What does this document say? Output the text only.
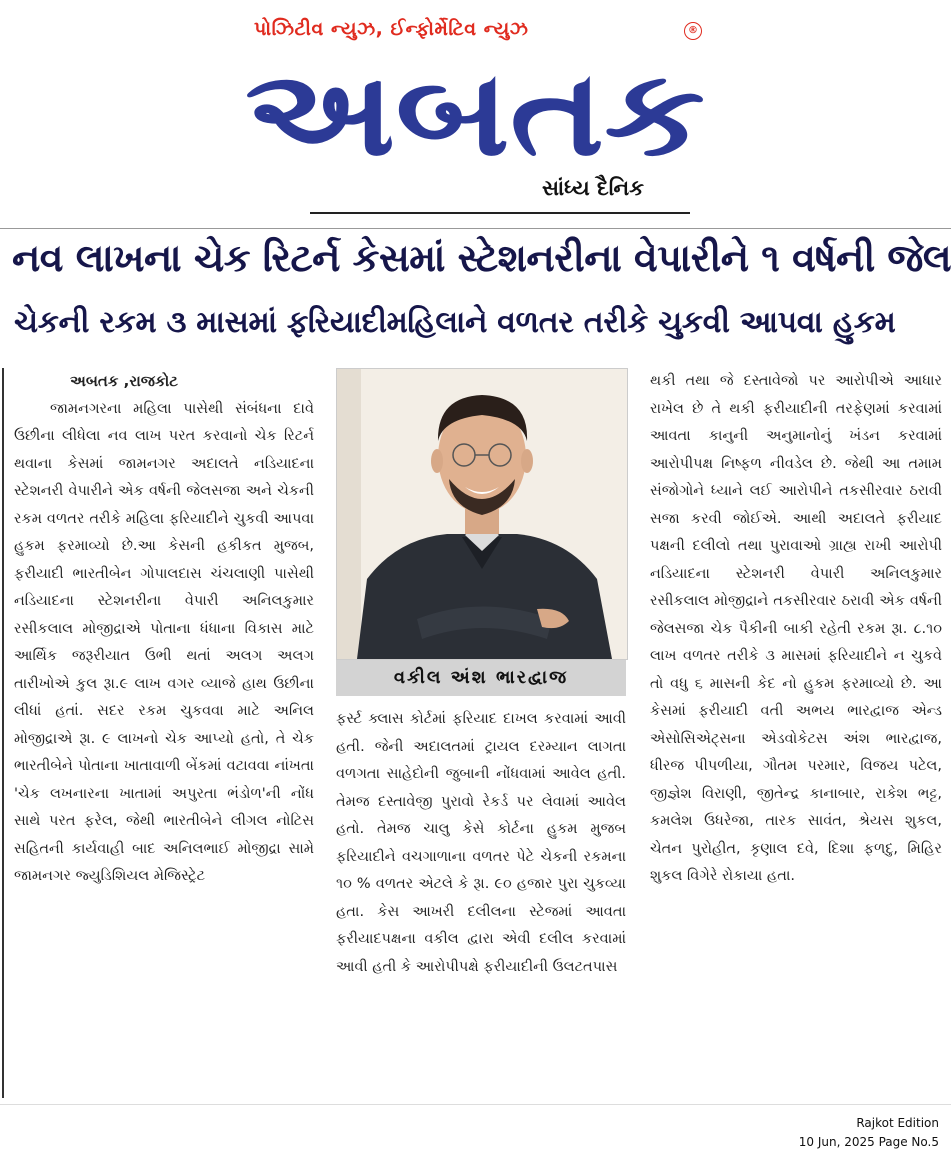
પોઝિટીવ ન્યુઝ, ઈન્ફોર્મેટિવ ન્યુઝ	®
અબતક
સાંધ્ય દૈનિક
નવ લાખના ચેક રિટર્ન કેસમાં સ્ટેશનરીના વેપારીને ૧ વર્ષની જેલ
ચેકની રકમ ૩ માસમાં ફરિયાદીમહિલાને વળતર તરીકે ચુકવી આપવા હુકમ
અબતક ,રાજકોટ
જામનગરના મહિલા પાસેથી સંબંધના દાવે ઉછીના લીધેલા નવ લાખ પરત કરવાનો ચેક રિટર્ન થવાના કેસમાં જામનગર અદાલતે નડિયાદના સ્ટેશનરી વેપારીને એક વર્ષની જેલસજા અને ચેકની રકમ વળતર તરીકે મહિલા ફરિયાદીને ચુકવી આપવા હુકમ ફરમાવ્યો છે.આ કેસની હકીકત મુજબ, ફરીયાદી ભારતીબેન ગોપાલદાસ ચંચલાણી પાસેથી નડિયાદના સ્ટેશનરીના વેપારી અનિલકુમાર રસીકલાલ મોજીદ્રાએ પોતાના ધંધાના વિકાસ માટે આર્થિક જરૂરીયાત ઉભી થતાં અલગ અલગ તારીખોએ કુલ રૂા.૯ લાખ વગર વ્યાજે હાથ ઉછીના લીધાં હતાં. સદર રકમ ચુકવવા માટે અનિલ મોજીદ્રાએ રૂા. ૯ લાખનો ચેક આપ્યો હતો, તે ચેક ભારતીબેને પોતાના ખાતાવાળી બેંકમાં વટાવવા નાંખતા 'ચેક લખનારના ખાતામાં અપુરતા ભંડોળ'ની નોંધ સાથે પરત ફરેલ, જેથી ભારતીબેને લીગલ નોટિસ સહિતની કાર્યવાહી બાદ અનિલભાઈ મોજીદ્રા સામે જામનગર જ્યુડિશિયલ મેજિસ્ટ્રેટ
વકીલ અંશ ભારદ્વાજ
ફર્સ્ટ ક્લાસ કોર્ટમાં ફરિયાદ દાખલ કરવામાં આવી હતી. જેની અદાલતમાં ટ્રાયલ દરમ્યાન લાગતા વળગતા સાહેદોની જુબાની નોંધવામાં આવેલ હતી. તેમજ દસ્તાવેજી પુરાવો રેકર્ડ પર લેવામાં આવેલ હતો. તેમજ ચાલુ કેસે કોર્ટના હુકમ મુજબ ફરિયાદીને વચગાળાના વળતર પેટે ચેકની રકમના ૧૦ % વળતર એટલે કે રૂા. ૯૦ હજાર પુરા ચુકવ્યા હતા. કેસ આખરી દલીલના સ્ટેજમાં આવતા ફરીયાદપક્ષના વકીલ દ્વારા એવી દલીલ કરવામાં આવી હતી કે આરોપીપક્ષે ફરીયાદીની ઉલટતપાસ
થકી તથા જે દસ્તાવેજો પર આરોપીએ આધાર રાખેલ છે તે થકી ફરીયાદીની તરફેણમાં કરવામાં આવતા કાનુની અનુમાનોનું ખંડન કરવામાં આરોપીપક્ષ નિષ્ફળ નીવડેલ છે. જેથી આ તમામ સંજોગોને ધ્યાને લઈ આરોપીને તકસીરવાર ઠરાવી સજા કરવી જોઈએ. આથી અદાલતે ફરીયાદ પક્ષની દલીલો તથા પુરાવાઓ ગ્રાહ્ય રાખી આરોપી નડિયાદના સ્ટેશનરી વેપારી અનિલકુમાર રસીકલાલ મોજીદ્રાને તકસીરવાર ઠરાવી એક વર્ષની જેલસજા ચેક પૈકીની બાકી રહેતી રકમ રૂા. ૮.૧૦ લાખ વળતર તરીકે ૩ માસમાં ફરિયાદીને ન ચુકવે તો વધુ ૬ માસની કેદ નો હુકમ ફરમાવ્યો છે. આ કેસમાં ફરીયાદી વતી અભય ભારદ્વાજ એન્ડ એસોસિએટ્સના એડવોકેટસ અંશ ભારદ્વાજ, ધીરજ પીપળીયા, ગૌતમ પરમાર, વિજય પટેલ, જીજ્ઞેશ વિરાણી, જીતેન્દ્ર કાનાબાર, રાકેશ ભટ્ટ, કમલેશ ઉધરેજા, તારક સાવંત, શ્રેયસ શુકલ, ચેતન પુરોહીત, કૃણાલ દવે, દિશા ફળદુ, મિહિર શુકલ વિગેરે રોકાયા હતા.
Rajkot Edition
10 Jun, 2025 Page No.5
